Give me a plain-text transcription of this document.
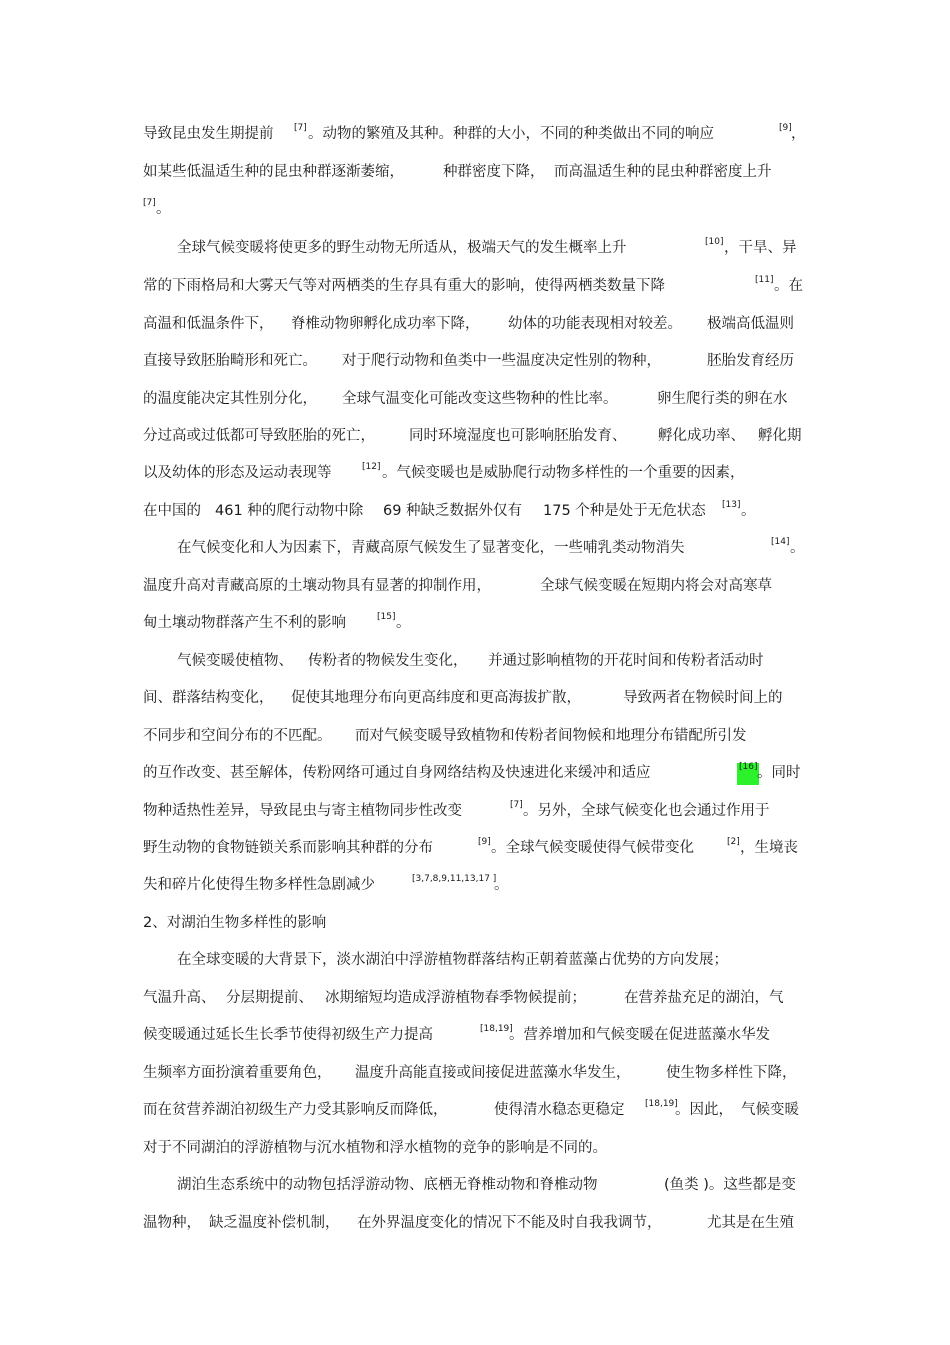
导致昆虫发生期提前 [7] 。动物的繁殖及其种。种群的大小，不同的种类做出不同的响应	[9] ，
如某些低温适生种的昆虫种群逐渐萎缩，	种群密度下降， 而高温适生种的昆虫种群密度上升
[7] 。
全球气候变暖将使更多的野生动物无所适从，极端天气的发生概率上升	[10] ，干旱、异
常的下雨格局和大雾天气等对两栖类的生存具有重大的影响，使得两栖类数量下降	[11] 。在
高温和低温条件下， 脊椎动物卵孵化成功率下降， 幼体的功能表现相对较差。 极端高低温则
直接导致胚胎畸形和死亡。 对于爬行动物和鱼类中一些温度决定性别的物种，	胚胎发育经历
的温度能决定其性别分化， 全球气温变化可能改变这些物种的性比率。	卵生爬行类的卵在水
分过高或过低都可导致胚胎的死亡， 同时环境湿度也可影响胚胎发育、 孵化成功率、 孵化期
以及幼体的形态及运动表现等	[12] 。气候变暖也是威胁爬行动物多样性的一个重要的因素，
在中国的 461 种的爬行动物中除 69 种缺乏数据外仅有 175 个种是处于无危状态 [13] 。
在气候变化和人为因素下，青藏高原气候发生了显著变化，一些哺乳类动物消失	[14] 。
温度升高对青藏高原的土壤动物具有显著的抑制作用，	全球气候变暖在短期内将会对高寒草
甸土壤动物群落产生不利的影响	[15] 。
气候变暖使植物、 传粉者的物候发生变化， 并通过影响植物的开花时间和传粉者活动时
间、群落结构变化， 促使其地理分布向更高纬度和更高海拔扩散，	导致两者在物候时间上的
不同步和空间分布的不匹配。 而对气候变暖导致植物和传粉者间物候和地理分布错配所引发
的互作改变、甚至解体，传粉网络可通过自身网络结构及快速进化来缓冲和适应	[16] 。同时
物种适热性差异，导致昆虫与寄主植物同步性改变	[7] 。另外，全球气候变化也会通过作用于
野生动物的食物链锁关系而影响其种群的分布	[9] 。全球气候变暖使得气候带变化	[2] ，生境丧
失和碎片化使得生物多样性急剧减少	[3,7,8,9,11,13,17 ]
。
2、对湖泊生物多样性的影响
在全球变暖的大背景下，淡水湖泊中浮游植物群落结构正朝着蓝藻占优势的方向发展；
气温升高、 分层期提前、 冰期缩短均造成浮游植物春季物候提前；	在营养盐充足的湖泊，气
候变暖通过延长生长季节使得初级生产力提高	[18,19]
。营养增加和气候变暖在促进蓝藻水华发
生频率方面扮演着重要角色， 温度升高能直接或间接促进蓝藻水华发生， 使生物多样性下降，
而在贫营养湖泊初级生产力受其影响反而降低，	使得清水稳态更稳定 [18,19]
。因此， 气候变暖
对于不同湖泊的浮游植物与沉水植物和浮水植物的竞争的影响是不同的。
湖泊生态系统中的动物包括浮游动物、底栖无脊椎动物和脊椎动物	(鱼类 )。这些都是变
温物种， 缺乏温度补偿机制， 在外界温度变化的情况下不能及时自我我调节，	尤其是在生殖
